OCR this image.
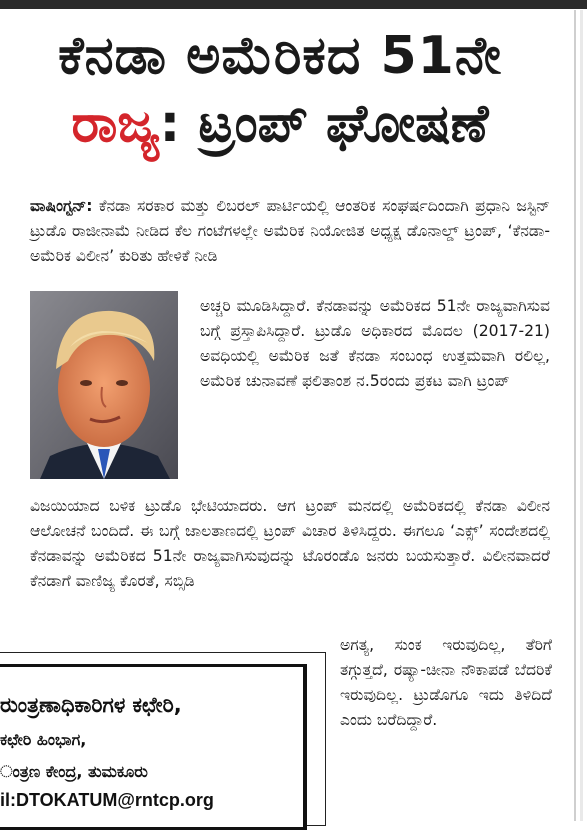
ಕೆನಡಾ ಅಮೆರಿಕದ 51ನೇ
ರಾಜ್ಯ: ಟ್ರಂಪ್ ಘೋಷಣೆ
ವಾಷಿಂಗ್ಟನ್: ಕೆನಡಾ ಸರಕಾರ ಮತ್ತು ಲಿಬರಲ್ ಪಾರ್ಟಿಯಲ್ಲಿ ಆಂತರಿಕ ಸಂಘರ್ಷದಿಂದಾಗಿ ಪ್ರಧಾನಿ ಜಸ್ಟಿನ್ ಟ್ರುಡೊ ರಾಜೀನಾಮೆ ನೀಡಿದ ಕೆಲ ಗಂಟೆಗಳಲ್ಲೇ ಅಮೆರಿಕ ನಿಯೋಜಿತ ಅಧ್ಯಕ್ಷ ಡೊನಾಲ್ಡ್ ಟ್ರಂಪ್, ‘ಕೆನಡಾ- ಅಮೆರಿಕ ವಿಲೀನ’ ಕುರಿತು ಹೇಳಿಕೆ ನೀಡಿ
ಅಚ್ಚರಿ ಮೂಡಿಸಿದ್ದಾರೆ. ಕೆನಡಾವನ್ನು ಅಮೆರಿಕದ 51ನೇ ರಾಜ್ಯವಾಗಿಸುವ ಬಗ್ಗೆ ಪ್ರಸ್ತಾಪಿಸಿದ್ದಾರೆ. ಟ್ರುಡೊ ಅಧಿಕಾರದ ಮೊದಲ (2017-21) ಅವಧಿಯಲ್ಲಿ ಅಮೆರಿಕ ಜತೆ ಕೆನಡಾ ಸಂಬಂಧ ಉತ್ತಮವಾಗಿ ರಲಿಲ್ಲ, ಅಮೆರಿಕ ಚುನಾವಣೆ ಫಲಿತಾಂಶ ನ.5ರಂದು ಪ್ರಕಟ ವಾಗಿ ಟ್ರಂಪ್
ವಿಜಯಿಯಾದ ಬಳಿಕ ಟ್ರುಡೊ ಭೇಟಿಯಾದರು. ಆಗ ಟ್ರಂಪ್ ಮನದಲ್ಲಿ ಅಮೆರಿಕದಲ್ಲಿ ಕೆನಡಾ ವಿಲೀನ ಆಲೋಚನೆ ಬಂದಿದೆ. ಈ ಬಗ್ಗೆ ಜಾಲತಾಣದಲ್ಲಿ ಟ್ರಂಪ್ ವಿಚಾರ ತಿಳಿಸಿದ್ದರು. ಈಗಲೂ ‘ಎಕ್ಸ್’ ಸಂದೇಶದಲ್ಲಿ ಕೆನಡಾವನ್ನು ಅಮೆರಿಕದ 51ನೇ ರಾಜ್ಯವಾಗಿಸುವುದನ್ನು ಟೊರಂಡೊ ಜನರು ಬಯಸುತ್ತಾರೆ. ವಿಲೀನವಾದರೆ ಕೆನಡಾಗೆ ವಾಣಿಜ್ಯ ಕೊರತೆ, ಸಬ್ಸಿಡಿ
ಅಗತ್ಯ, ಸುಂಕ ಇರುವುದಿಲ್ಲ, ತೆರಿಗೆ ತಗ್ಗುತ್ತದೆ, ರಷ್ಯಾ-ಚೀನಾ ನೌಕಾಪಡೆ ಬೆದರಿಕೆ ಇರುವುದಿಲ್ಲ. ಟ್ರುಡೊಗೂ ಇದು ತಿಳಿದಿದೆ ಎಂದು ಬರೆದಿದ್ದಾರೆ.
ರುಂತ್ರಣಾಧಿಕಾರಿಗಳ ಕಛೇರಿ,
ಕಛೇರಿ ಹಿಂಭಾಗ,
ಂತ್ರಣ ಕೇಂದ್ರ, ತುಮಕೂರು
il:DTOKATUM@rntcp.org
